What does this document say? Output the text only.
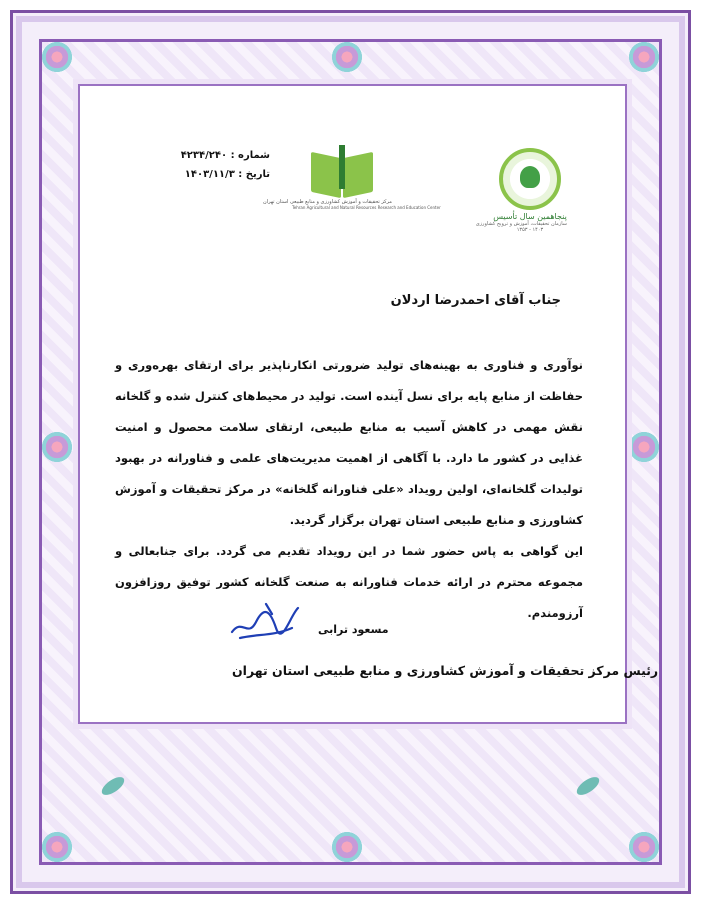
پنجاهمین سال تأسیس
سازمان تحقیقات، آموزش و ترویج کشاورزی
۱۴۰۳ - ۱۳۵۳
مرکز تحقیقات و آموزش کشاورزی و منابع طبیعی استان تهران
Tehran Agricultural and Natural Resources Research and Education Center
شماره : ۴۲۳۴/۲۴۰
تاریخ : ۱۴۰۳/۱۱/۳
جناب آقای احمدرضا اردلان

نوآوری و فناوری به بهینه‌های تولید ضرورتی انکارناپذیر برای ارتقای بهره‌وری و حفاظت از منابع پایه برای نسل آینده است. تولید در محیط‌های کنترل شده و گلخانه نقش مهمی در کاهش آسیب به منابع طبیعی، ارتقای سلامت محصول و امنیت غذایی در کشور ما دارد. با آگاهی از اهمیت مدیریت‌های علمی و فناورانه در بهبود تولیدات گلخانه‌ای، اولین رویداد «علی فناورانه گلخانه» در مرکز تحقیقات و آموزش کشاورزی و منابع طبیعی استان تهران برگزار گردید.

این گواهی به پاس حضور شما در این رویداد تقدیم می گردد. برای جنابعالی و مجموعه محترم در ارائه خدمات فناورانه به صنعت گلخانه کشور توفیق روزافزون آرزومندم.

مسعود ترابی
رئیس مرکز تحقیقات و آموزش کشاورزی و منابع طبیعی استان تهران
